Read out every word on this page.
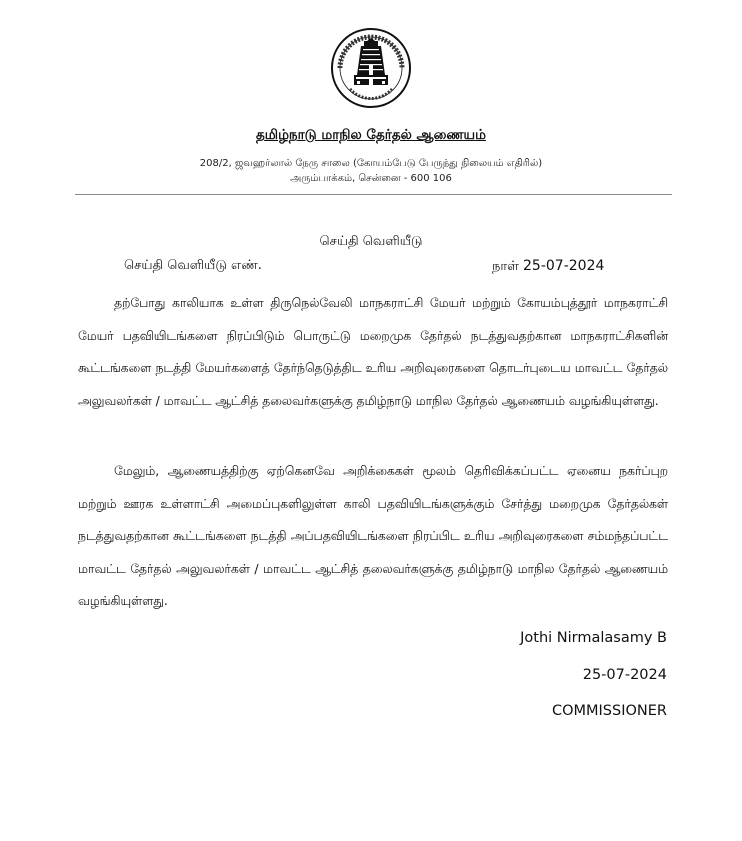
தமிழ்நாடு மாநில தேர்தல் ஆணையம்
208/2, ஜவஹர்லால் நேரு சாலை (கோயம்பேடு பேருந்து நிலையம் எதிரில்)
அரும்பாக்கம், சென்னை - 600 106
செய்தி வெளியீடு
செய்தி வெளியீடு எண்.	நாள் 25-07-2024
தற்போது காலியாக உள்ள திருநெல்வேலி மாநகராட்சி மேயர் மற்றும் கோயம்புத்தூர் மாநகராட்சி மேயர் பதவியிடங்களை நிரப்பிடும் பொருட்டு மறைமுக தேர்தல் நடத்துவதற்கான மாநகராட்சிகளின் கூட்டங்களை நடத்தி மேயர்களைத் தேர்ந்தெடுத்திட உரிய அறிவுரைகளை தொடர்புடைய மாவட்ட தேர்தல் அலுவலர்கள் / மாவட்ட ஆட்சித் தலைவர்களுக்கு தமிழ்நாடு மாநில தேர்தல் ஆணையம் வழங்கியுள்ளது.
மேலும், ஆணையத்திற்கு ஏற்கெனவே அறிக்கைகள் மூலம் தெரிவிக்கப்பட்ட ஏனைய நகர்ப்புற மற்றும் ஊரக உள்ளாட்சி அமைப்புகளிலுள்ள காலி பதவியிடங்களுக்கும் சேர்த்து மறைமுக தேர்தல்கள் நடத்துவதற்கான கூட்டங்களை நடத்தி அப்பதவியிடங்களை நிரப்பிட உரிய அறிவுரைகளை சம்மந்தப்பட்ட மாவட்ட தேர்தல் அலுவலர்கள் / மாவட்ட ஆட்சித் தலைவர்களுக்கு தமிழ்நாடு மாநில தேர்தல் ஆணையம் வழங்கியுள்ளது.
Jothi Nirmalasamy B
25-07-2024
COMMISSIONER
